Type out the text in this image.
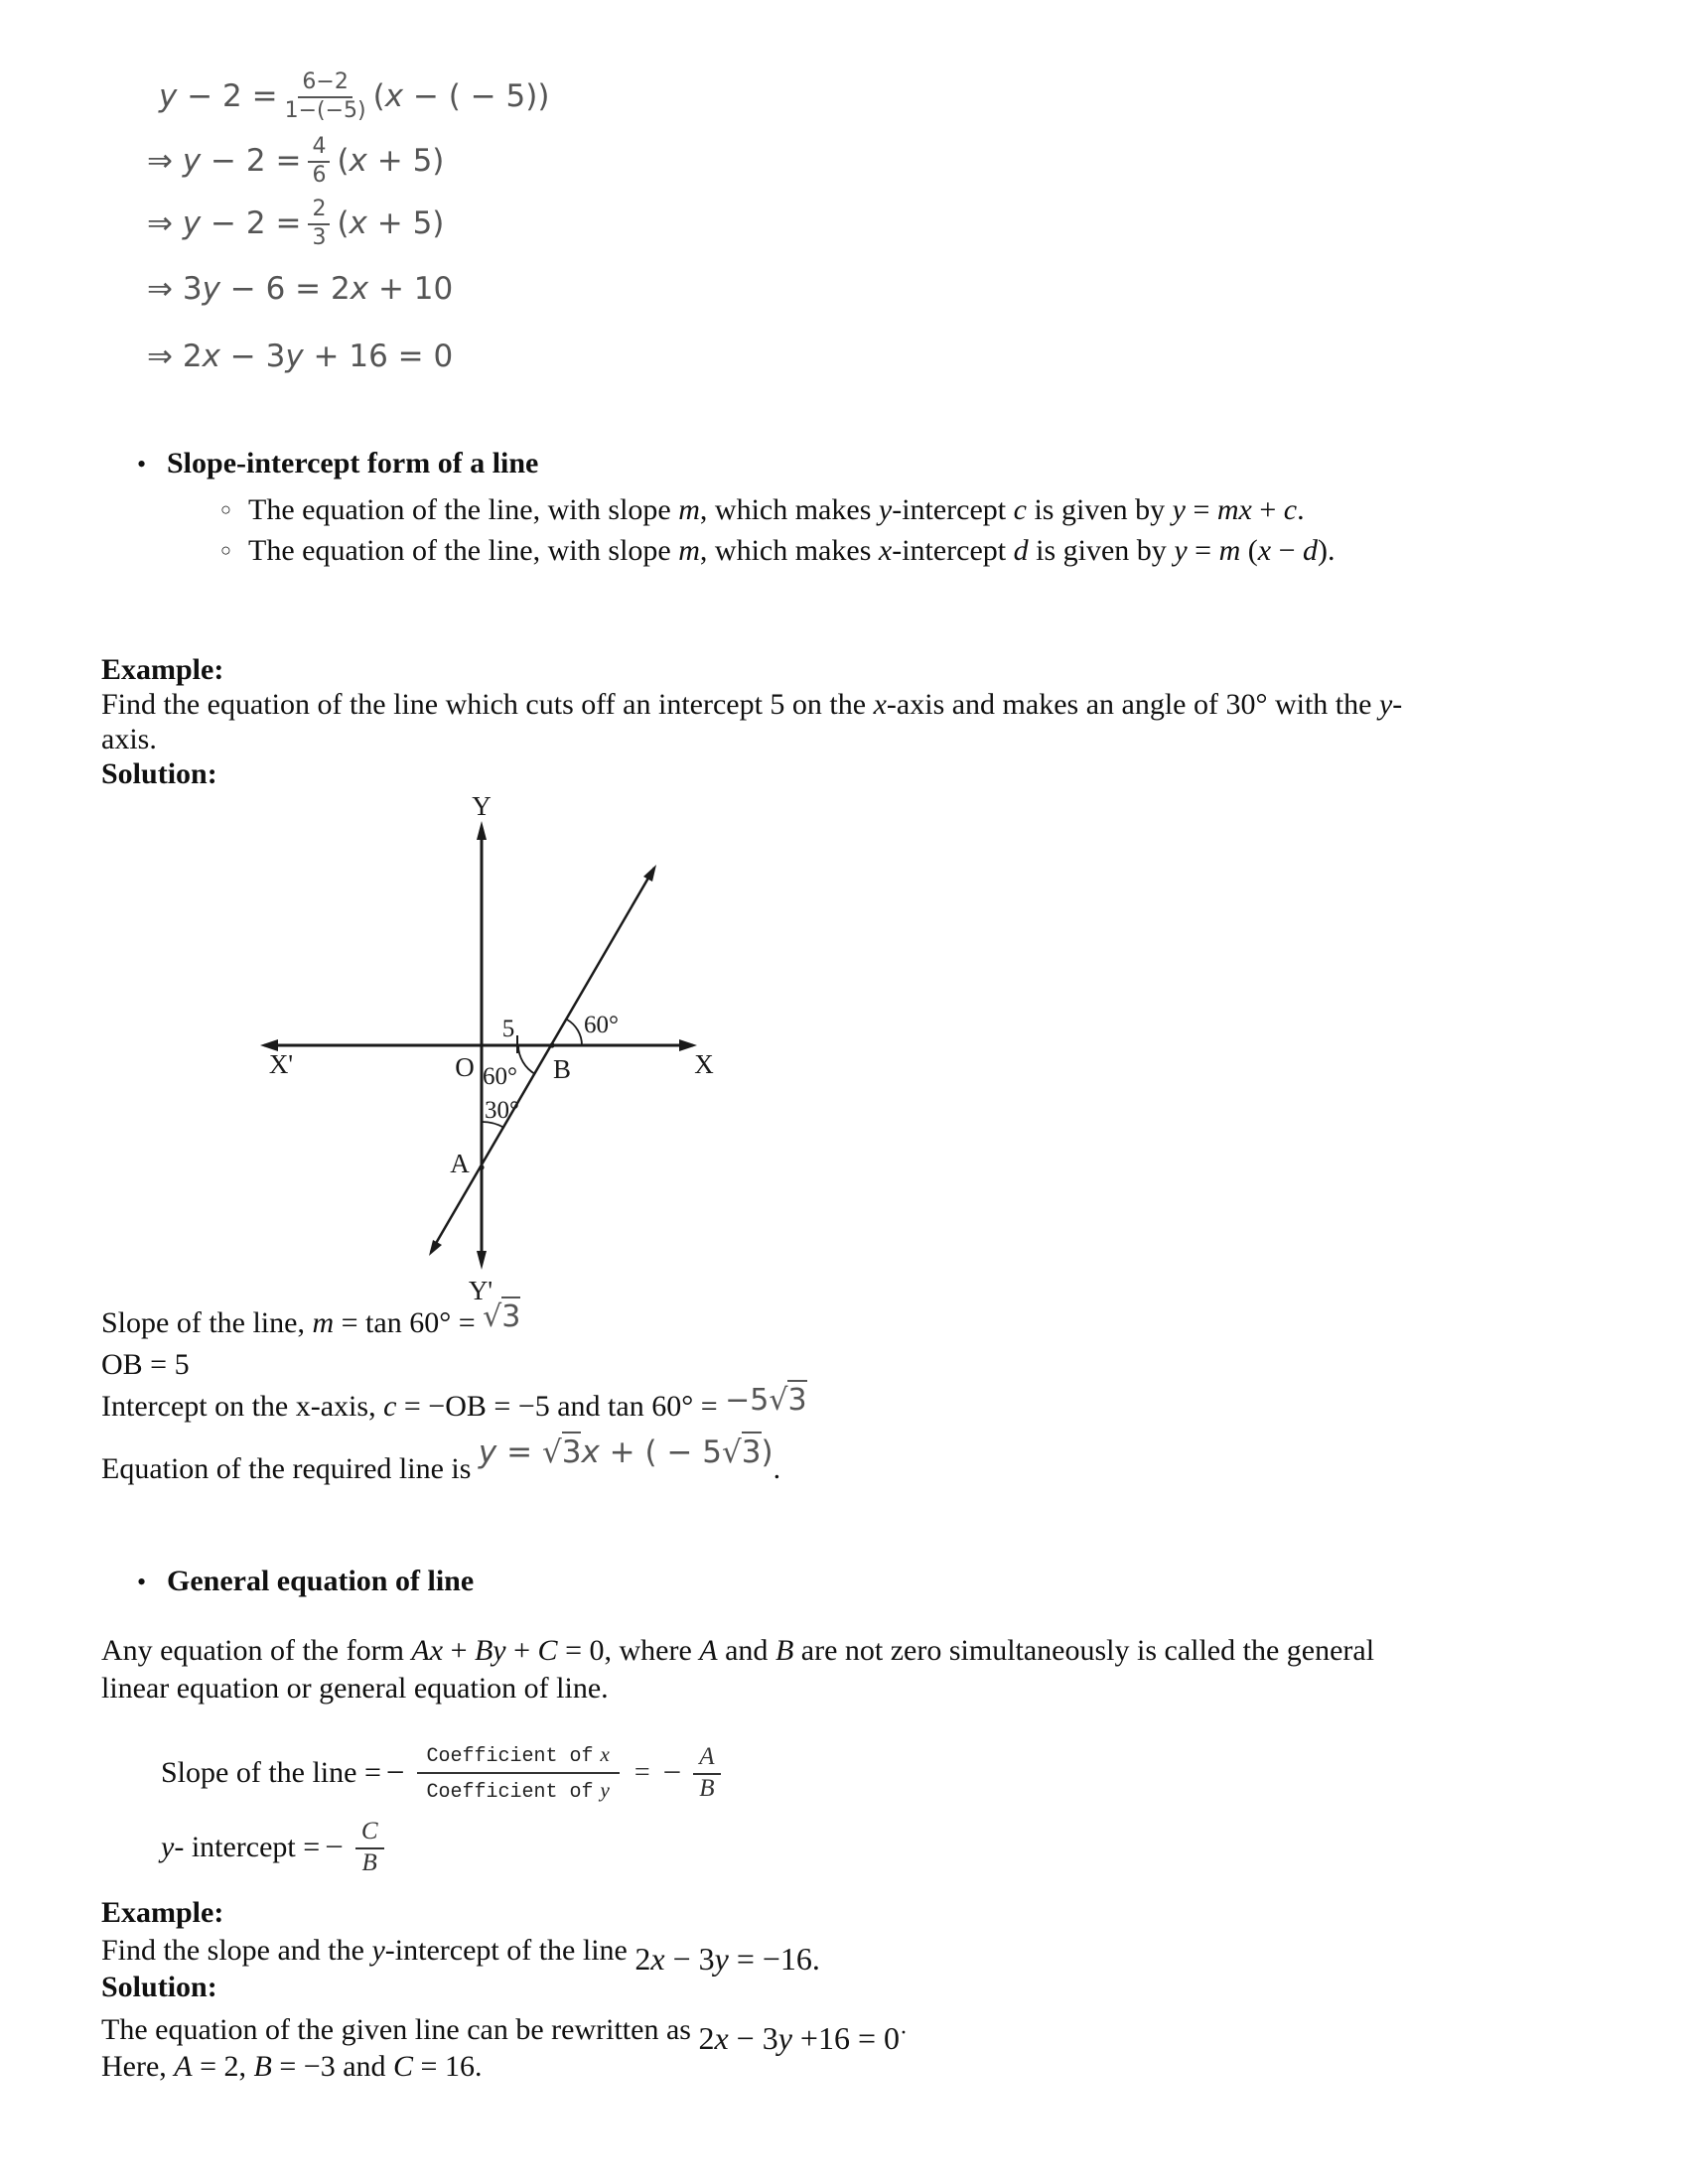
$y - 2 = \frac{6-2}{1-(-5)} (x$ − ( − 5))
⇒ $y - 2 = \frac{4}{6} (x + 5)$
⇒ $y - 2 = \frac{2}{3} (x + 5)$
⇒ 3y − 6 = 2x + 10
⇒ 2x − 3y + 16 = 0
• Slope-intercept form of a line
○ The equation of the line, with slope m, which makes y-intercept c is given by y = mx + c.
○ The equation of the line, with slope m, which makes x-intercept d is given by y = m (x − d).
Example:
Find the equation of the line which cuts off an intercept 5 on the x-axis and makes an angle of 30° with the y-
axis.
Solution:
Y
Y'
X
X'	O	B
A
5	60°
60°
30°
Slope of the line, m = tan 60° = √3
OB = 5
Intercept on the x-axis, c = −OB = −5 and tan 60° = −5√3
Equation of the required line is y = √3x + ( − 5√3).
• General equation of line
Any equation of the form Ax + By + C = 0, where A and B are not zero simultaneously is called the general
linear equation or general equation of line.
Slope of the line = − $\frac{\text{Coefficient of x}}{\text{Coefficient of y}}$ = − $\frac{A}{B}$
y - intercept = − $\frac{C}{B}$
Example:
Find the slope and the y-intercept of the line 2x − 3y = −16.
Solution:
The equation of the given line can be rewritten as 2x − 3y +16 = 0·
Here, A = 2, B = −3 and C = 16.
